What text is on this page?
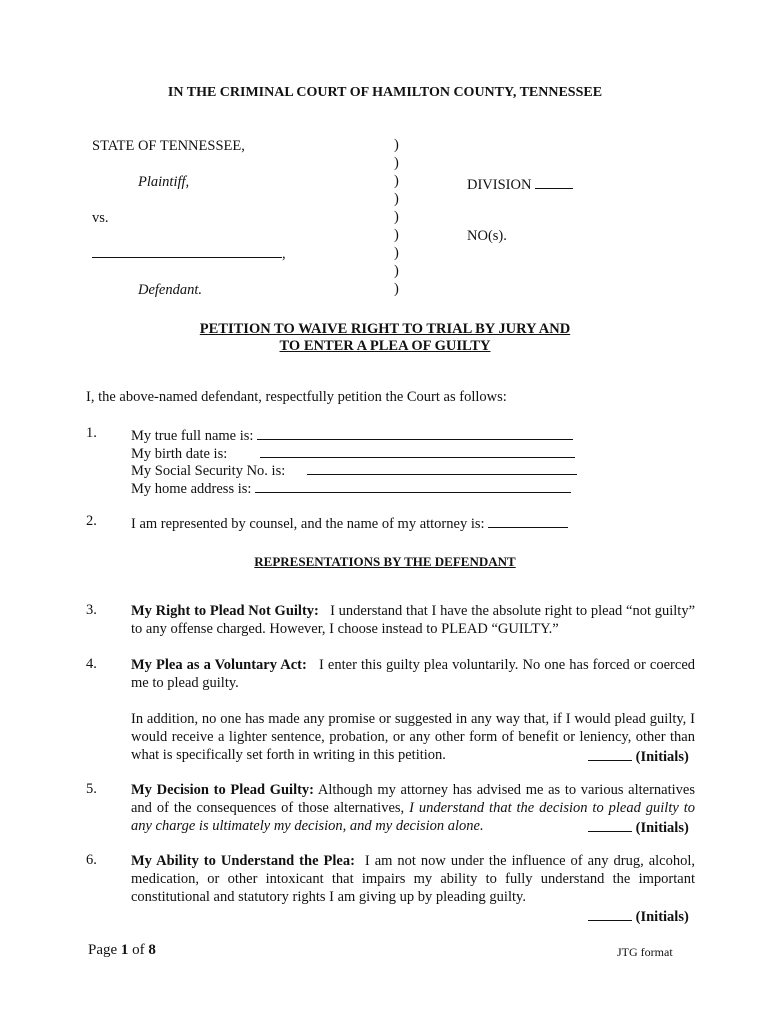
IN THE CRIMINAL COURT OF HAMILTON COUNTY, TENNESSEE
STATE OF TENNESSEE,
Plaintiff,
vs.
,
Defendant.
)
)
)
)
)
)
)
)
)
DIVISION
NO(s).
PETITION TO WAIVE RIGHT TO TRIAL BY JURY AND
TO ENTER A PLEA OF GUILTY
I, the above-named defendant, respectfully petition the Court as follows:
1. My true full name is:
My birth date is:
My Social Security No. is:
My home address is:
2. I am represented by counsel, and the name of my attorney is:
REPRESENTATIONS BY THE DEFENDANT
3. My Right to Plead Not Guilty: I understand that I have the absolute right to plead “not guilty” to any offense charged. However, I choose instead to PLEAD “GUILTY.”
4. My Plea as a Voluntary Act: I enter this guilty plea voluntarily. No one has forced or coerced me to plead guilty.
In addition, no one has made any promise or suggested in any way that, if I would plead guilty, I would receive a lighter sentence, probation, or any other form of benefit or leniency, other than what is specifically set forth in writing in this petition.	(Initials)
5. My Decision to Plead Guilty: Although my attorney has advised me as to various alternatives and of the consequences of those alternatives, I understand that the decision to plead guilty to any charge is ultimately my decision, and my decision alone.	(Initials)
6. My Ability to Understand the Plea: I am not now under the influence of any drug, alcohol, medication, or other intoxicant that impairs my ability to fully understand the important constitutional and statutory rights I am giving up by pleading guilty.
(Initials)
Page 1 of 8	JTG format
